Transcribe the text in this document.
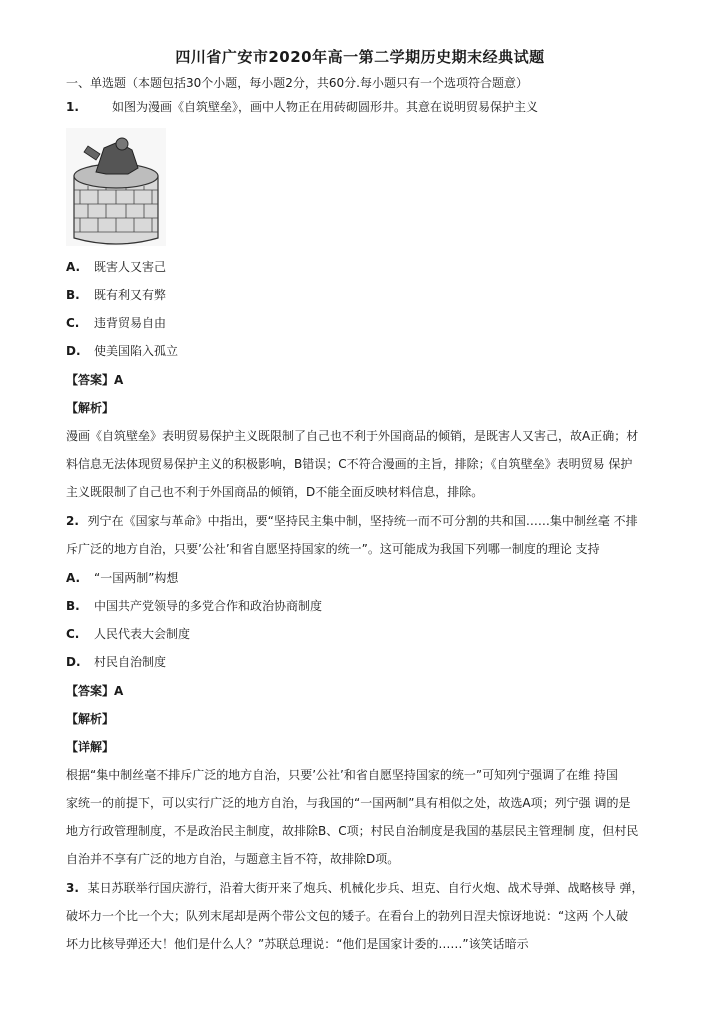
四川省广安市2020年高一第二学期历史期末经典试题
一、单选题（本题包括30个小题，每小题2分，共60分.每小题只有一个选项符合题意）
1.	如图为漫画《自筑壁垒》，画中人物正在用砖砌圆形井。其意在说明贸易保护主义
A. 既害人又害己
B. 既有利又有弊
C. 违背贸易自由
D. 使美国陷入孤立
【答案】A
【解析】
漫画《自筑壁垒》表明贸易保护主义既限制了自己也不利于外国商品的倾销，是既害人又害己，故A正确；材
料信息无法体现贸易保护主义的积极影响，B错误；C不符合漫画的主旨，排除；《自筑壁垒》表明贸易 保护
主义既限制了自己也不利于外国商品的倾销，D不能全面反映材料信息，排除。
2. 列宁在《国家与革命》中指出，要“坚持民主集中制，坚持统一而不可分割的共和国……集中制丝毫 不排
斥广泛的地方自治，只要’公社’和省自愿坚持国家的统一”。这可能成为我国下列哪一制度的理论 支持
A. “一国两制”构想
B. 中国共产党领导的多党合作和政治协商制度
C. 人民代表大会制度
D. 村民自治制度
【答案】A
【解析】
【详解】
根据“集中制丝毫不排斥广泛的地方自治，只要’公社’和省自愿坚持国家的统一”可知列宁强调了在维 持国
家统一的前提下，可以实行广泛的地方自治，与我国的“一国两制”具有相似之处，故选A项；列宁强 调的是
地方行政管理制度，不是政治民主制度，故排除B、C项；村民自治制度是我国的基层民主管理制 度，但村民
自治并不享有广泛的地方自治，与题意主旨不符，故排除D项。
3. 某日苏联举行国庆游行，沿着大街开来了炮兵、机械化步兵、坦克、自行火炮、战术导弹、战略核导 弹，
破坏力一个比一个大；队列末尾却是两个带公文包的矮子。在看台上的勃列日涅夫惊讶地说：“这两 个人破
坏力比核导弹还大！他们是什么人？”苏联总理说：“他们是国家计委的……”该笑话暗示
